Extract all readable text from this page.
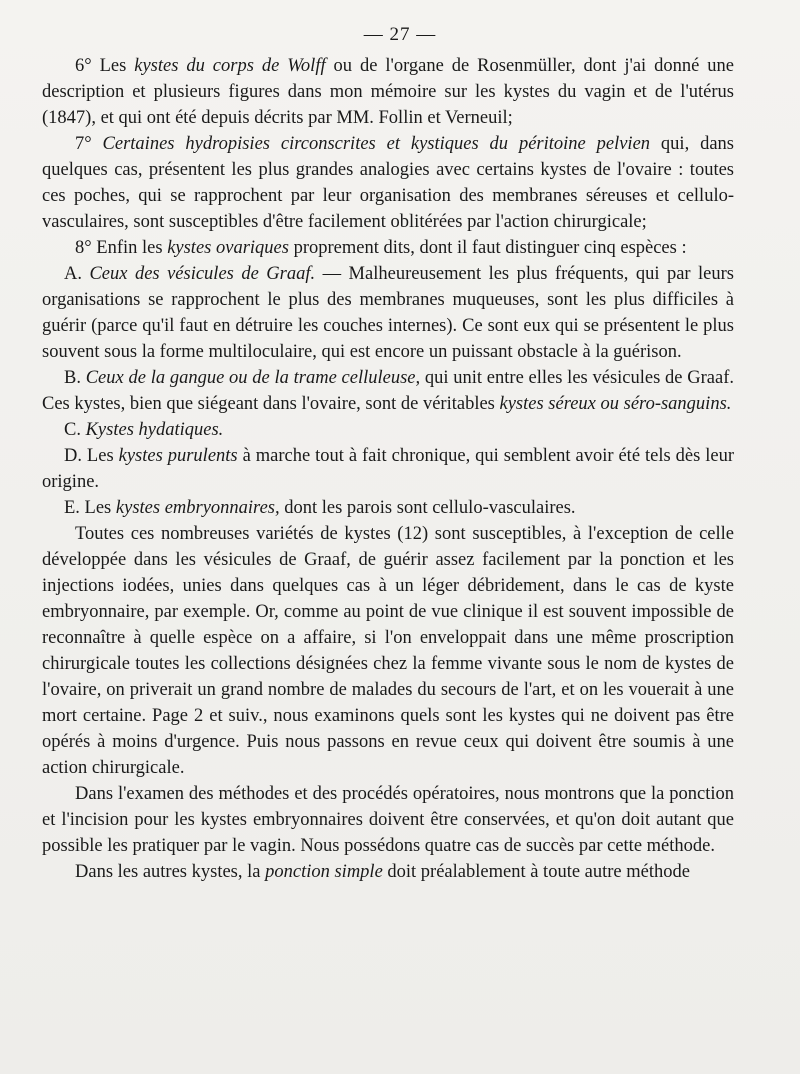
— 27 —

6° Les kystes du corps de Wolff ou de l'organe de Rosenmüller, dont j'ai donné une description et plusieurs figures dans mon mémoire sur les kystes du vagin et de l'utérus (1847), et qui ont été depuis décrits par MM. Follin et Verneuil;

7° Certaines hydropisies circonscrites et kystiques du péritoine pelvien qui, dans quelques cas, présentent les plus grandes analogies avec certains kystes de l'ovaire : toutes ces poches, qui se rapprochent par leur organisation des membranes séreuses et cellulo-vasculaires, sont susceptibles d'être facilement oblitérées par l'action chirurgicale;

8° Enfin les kystes ovariques proprement dits, dont il faut distinguer cinq espèces :

A. Ceux des vésicules de Graaf. — Malheureusement les plus fréquents, qui par leurs organisations se rapprochent le plus des membranes muqueuses, sont les plus difficiles à guérir (parce qu'il faut en détruire les couches internes). Ce sont eux qui se présentent le plus souvent sous la forme multiloculaire, qui est encore un puissant obstacle à la guérison.

B. Ceux de la gangue ou de la trame celluleuse, qui unit entre elles les vésicules de Graaf. Ces kystes, bien que siégeant dans l'ovaire, sont de véritables kystes séreux ou séro-sanguins.

C. Kystes hydatiques.

D. Les kystes purulents à marche tout à fait chronique, qui semblent avoir été tels dès leur origine.

E. Les kystes embryonnaires, dont les parois sont cellulo-vasculaires.

Toutes ces nombreuses variétés de kystes (12) sont susceptibles, à l'exception de celle développée dans les vésicules de Graaf, de guérir assez facilement par la ponction et les injections iodées, unies dans quelques cas à un léger débridement, dans le cas de kyste embryonnaire, par exemple. Or, comme au point de vue clinique il est souvent impossible de reconnaître à quelle espèce on a affaire, si l'on enveloppait dans une même proscription chirurgicale toutes les collections désignées chez la femme vivante sous le nom de kystes de l'ovaire, on priverait un grand nombre de malades du secours de l'art, et on les vouerait à une mort certaine. Page 2 et suiv., nous examinons quels sont les kystes qui ne doivent pas être opérés à moins d'urgence. Puis nous passons en revue ceux qui doivent être soumis à une action chirurgicale.

Dans l'examen des méthodes et des procédés opératoires, nous montrons que la ponction et l'incision pour les kystes embryonnaires doivent être conservées, et qu'on doit autant que possible les pratiquer par le vagin. Nous possédons quatre cas de succès par cette méthode.

Dans les autres kystes, la ponction simple doit préalablement à toute autre méthode
